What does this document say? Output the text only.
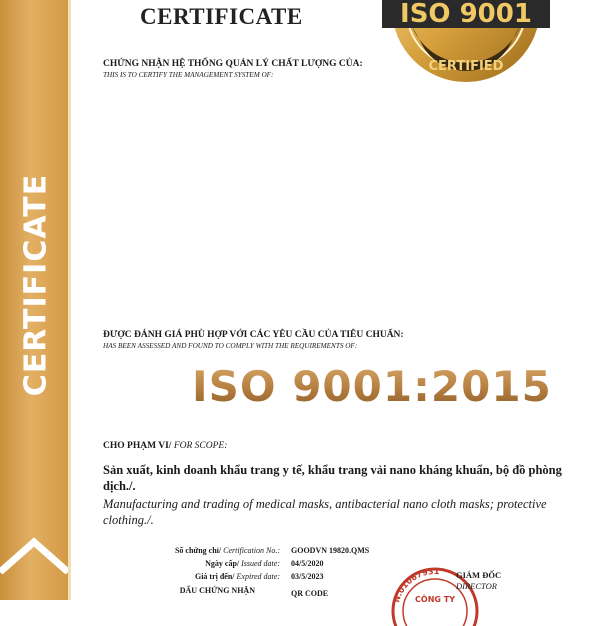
CERTIFICATE
CERTIFICATE
CERTIFIED
ISO 9001
CHỨNG NHẬN HỆ THỐNG QUẢN LÝ CHẤT LƯỢNG CỦA:
THIS IS TO CERTIFY THE MANAGEMENT SYSTEM OF:
ĐƯỢC ĐÁNH GIÁ PHÙ HỢP VỚI CÁC YÊU CẦU CỦA TIÊU CHUẨN:
HAS BEEN ASSESSED AND FOUND TO COMPLY WITH THE REQUIREMENTS OF:
ISO 9001:2015
CHO PHẠM VI/ FOR SCOPE:
Sản xuất, kinh doanh khẩu trang y tế, khẩu trang vải nano kháng khuẩn, bộ đồ phòng dịch./.
Manufacturing and trading of medical masks, antibacterial nano cloth masks; protective clothing./.
Số chứng chỉ/ Certification No.: GOODVN 19820.QMS
Ngày cấp/ Issued date: 04/5/2020
Giá trị đến/ Expired date: 03/5/2023
DẤU CHỨNG NHẬN	QR CODE
N.01067931
CÔNG TY
GIÁM ĐỐC
DIRECTOR
